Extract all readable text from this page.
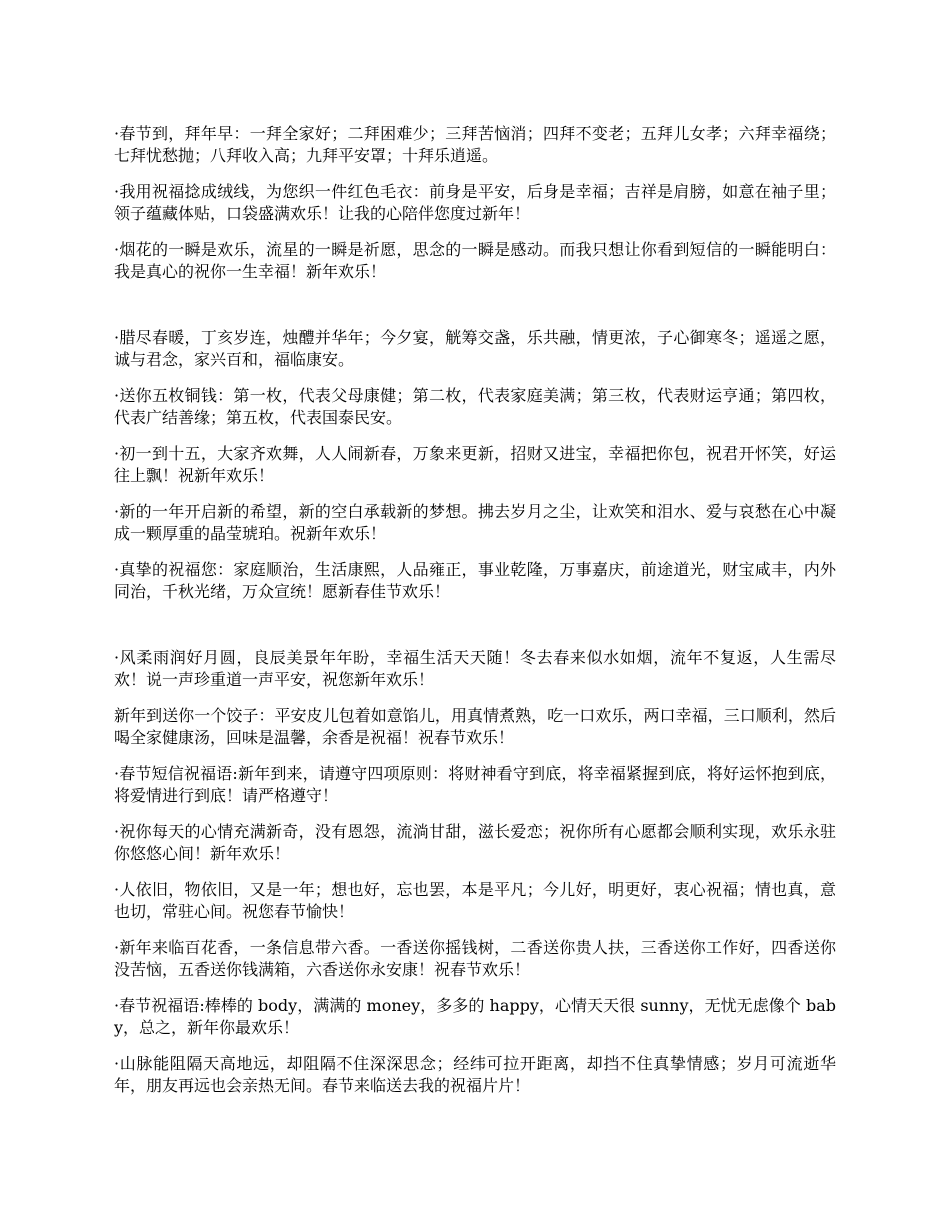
·春节到，拜年早：一拜全家好；二拜困难少；三拜苦恼消；四拜不变老；五拜儿女孝；六拜幸福绕；七拜忧愁抛；八拜收入高；九拜平安罩；十拜乐逍遥。

·我用祝福捻成绒线，为您织一件红色毛衣：前身是平安，后身是幸福；吉祥是肩膀，如意在袖子里；领子蕴藏体贴，口袋盛满欢乐！让我的心陪伴您度过新年！

·烟花的一瞬是欢乐，流星的一瞬是祈愿，思念的一瞬是感动。而我只想让你看到短信的一瞬能明白：我是真心的祝你一生幸福！新年欢乐！

·腊尽春暖，丁亥岁连，烛醴并华年；今夕宴，觥筹交盏，乐共融，情更浓，子心御寒冬；遥遥之愿，诚与君念，家兴百和，福临康安。

·送你五枚铜钱：第一枚，代表父母康健；第二枚，代表家庭美满；第三枚，代表财运亨通；第四枚，代表广结善缘；第五枚，代表国泰民安。

·初一到十五，大家齐欢舞，人人闹新春，万象来更新，招财又进宝，幸福把你包，祝君开怀笑，好运往上飘！祝新年欢乐！

·新的一年开启新的希望，新的空白承载新的梦想。拂去岁月之尘，让欢笑和泪水、爱与哀愁在心中凝成一颗厚重的晶莹琥珀。祝新年欢乐！

·真挚的祝福您：家庭顺治，生活康熙，人品雍正，事业乾隆，万事嘉庆，前途道光，财宝咸丰，内外同治，千秋光绪，万众宣统！愿新春佳节欢乐！

·风柔雨润好月圆，良辰美景年年盼，幸福生活天天随！冬去春来似水如烟，流年不复返，人生需尽欢！说一声珍重道一声平安，祝您新年欢乐！

新年到送你一个饺子：平安皮儿包着如意馅儿，用真情煮熟，吃一口欢乐，两口幸福，三口顺利，然后喝全家健康汤，回味是温馨，余香是祝福！祝春节欢乐！

·春节短信祝福语:新年到来，请遵守四项原则：将财神看守到底，将幸福紧握到底，将好运怀抱到底，将爱情进行到底！请严格遵守！

·祝你每天的心情充满新奇，没有恩怨，流淌甘甜，滋长爱恋；祝你所有心愿都会顺利实现，欢乐永驻你悠悠心间！新年欢乐！

·人依旧，物依旧，又是一年；想也好，忘也罢，本是平凡；今儿好，明更好，衷心祝福；情也真，意也切，常驻心间。祝您春节愉快！

·新年来临百花香，一条信息带六香。一香送你摇钱树，二香送你贵人扶，三香送你工作好，四香送你没苦恼，五香送你钱满箱，六香送你永安康！祝春节欢乐！

·春节祝福语:棒棒的 body，满满的 money，多多的 happy，心情天天很 sunny，无忧无虑像个 baby，总之，新年你最欢乐！

·山脉能阻隔天高地远，却阻隔不住深深思念；经纬可拉开距离，却挡不住真挚情感；岁月可流逝华年，朋友再远也会亲热无间。春节来临送去我的祝福片片！
